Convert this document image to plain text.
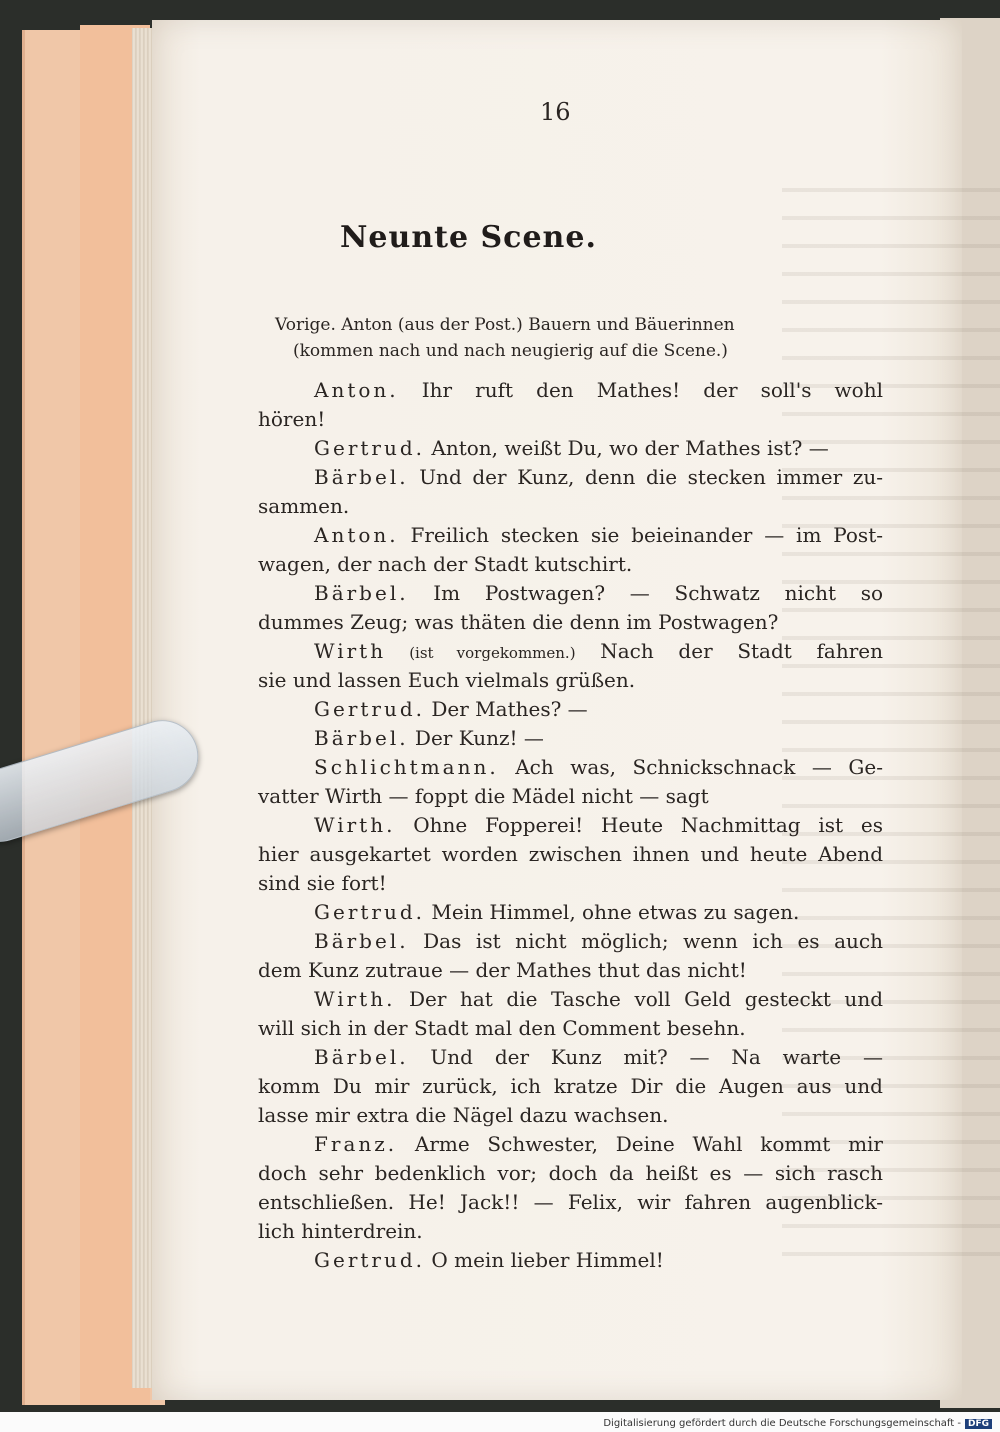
16
Neunte Scene.
Vorige. Anton (aus der Post.) Bauern und Bäuerinnen
(kommen nach und nach neugierig auf die Scene.)
Anton. Ihr ruft den Mathes! der soll's wohl
hören!
Gertrud. Anton, weißt Du, wo der Mathes ist? —
Bärbel. Und der Kunz, denn die stecken immer zu-
sammen.
Anton. Freilich stecken sie beieinander — im Post-
wagen, der nach der Stadt kutschirt.
Bärbel. Im Postwagen? — Schwatz nicht so
dummes Zeug; was thäten die denn im Postwagen?
Wirth (ist vorgekommen.) Nach der Stadt fahren
sie und lassen Euch vielmals grüßen.
Gertrud. Der Mathes? —
Bärbel. Der Kunz! —
Schlichtmann. Ach was, Schnickschnack — Ge-
vatter Wirth — foppt die Mädel nicht — sagt
Wirth. Ohne Fopperei! Heute Nachmittag ist es
hier ausgekartet worden zwischen ihnen und heute Abend
sind sie fort!
Gertrud. Mein Himmel, ohne etwas zu sagen.
Bärbel. Das ist nicht möglich; wenn ich es auch
dem Kunz zutraue — der Mathes thut das nicht!
Wirth. Der hat die Tasche voll Geld gesteckt und
will sich in der Stadt mal den Comment besehn.
Bärbel. Und der Kunz mit? — Na warte —
komm Du mir zurück, ich kratze Dir die Augen aus und
lasse mir extra die Nägel dazu wachsen.
Franz. Arme Schwester, Deine Wahl kommt mir
doch sehr bedenklich vor; doch da heißt es — sich rasch
entschließen. He! Jack!! — Felix, wir fahren augenblick-
lich hinterdrein.
Gertrud. O mein lieber Himmel!
Digitalisierung gefördert durch die Deutsche Forschungsgemeinschaft - DFG
